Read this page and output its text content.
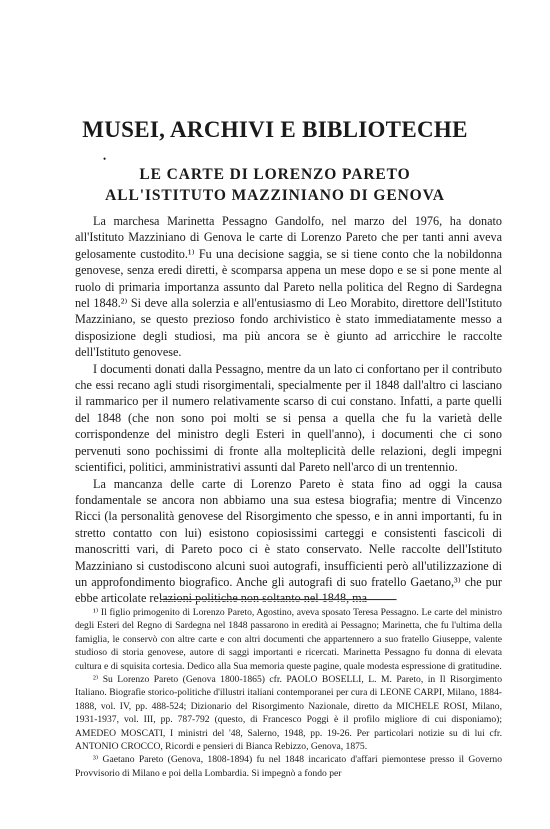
MUSEI, ARCHIVI E BIBLIOTECHE
•
LE CARTE DI LORENZO PARETO
ALL'ISTITUTO MAZZINIANO DI GENOVA

La marchesa Marinetta Pessagno Gandolfo, nel marzo del 1976, ha donato all'Istituto Mazziniano di Genova le carte di Lorenzo Pareto che per tanti anni aveva gelosamente custodito.¹⁾ Fu una decisione saggia, se si tiene conto che la nobildonna genovese, senza eredi diretti, è scomparsa appena un mese dopo e se si pone mente al ruolo di primaria importanza assunto dal Pareto nella politica del Regno di Sardegna nel 1848.²⁾ Si deve alla solerzia e all'entusiasmo di Leo Morabito, direttore dell'Istituto Mazziniano, se questo prezioso fondo archivistico è stato immediatamente messo a disposizione degli studiosi, ma più ancora se è giunto ad arricchire le raccolte dell'Istituto genovese.

I documenti donati dalla Pessagno, mentre da un lato ci confortano per il contributo che essi recano agli studi risorgimentali, specialmente per il 1848 dall'altro ci lasciano il rammarico per il numero relativamente scarso di cui constano. Infatti, a parte quelli del 1848 (che non sono poi molti se si pensa a quella che fu la varietà delle corrispondenze del ministro degli Esteri in quell'anno), i documenti che ci sono pervenuti sono pochissimi di fronte alla molteplicità delle relazioni, degli impegni scientifici, politici, amministrativi assunti dal Pareto nell'arco di un trentennio.

La mancanza delle carte di Lorenzo Pareto è stata fino ad oggi la causa fondamentale se ancora non abbiamo una sua estesa biografia; mentre di Vincenzo Ricci (la personalità genovese del Risorgimento che spesso, e in anni importanti, fu in stretto contatto con lui) esistono copiosissimi carteggi e consistenti fascicoli di manoscritti vari, di Pareto poco ci è stato conservato. Nelle raccolte dell'Istituto Mazziniano si custodiscono alcuni suoi autografi, insufficienti però all'utilizzazione di un approfondimento biografico. Anche gli autografi di suo fratello Gaetano,³⁾ che pur ebbe articolate relazioni politiche non soltanto nel 1848, ma

¹⁾ Il figlio primogenito di Lorenzo Pareto, Agostino, aveva sposato Teresa Pessagno. Le carte del ministro degli Esteri del Regno di Sardegna nel 1848 passarono in eredità ai Pessagno; Marinetta, che fu l'ultima della famiglia, le conservò con altre carte e con altri documenti che appartennero a suo fratello Giuseppe, valente studioso di storia genovese, autore di saggi importanti e ricercati. Marinetta Pessagno fu donna di elevata cultura e di squisita cortesia. Dedico alla Sua memoria queste pagine, quale modesta espressione di gratitudine.

²⁾ Su Lorenzo Pareto (Genova 1800-1865) cfr. PAOLO BOSELLI, L. M. Pareto, in Il Risorgimento Italiano. Biografie storico-politiche d'illustri italiani contemporanei per cura di LEONE CARPI, Milano, 1884-1888, vol. IV, pp. 488-524; Dizionario del Risorgimento Nazionale, diretto da MICHELE ROSI, Milano, 1931-1937, vol. III, pp. 787-792 (questo, di Francesco Poggi è il profilo migliore di cui disponiamo); AMEDEO MOSCATI, I ministri del '48, Salerno, 1948, pp. 19-26. Per particolari notizie su di lui cfr. ANTONIO CROCCO, Ricordi e pensieri di Bianca Rebizzo, Genova, 1875.

³⁾ Gaetano Pareto (Genova, 1808-1894) fu nel 1848 incaricato d'affari piemontese presso il Governo Provvisorio di Milano e poi della Lombardia. Si impegnò a fondo per
